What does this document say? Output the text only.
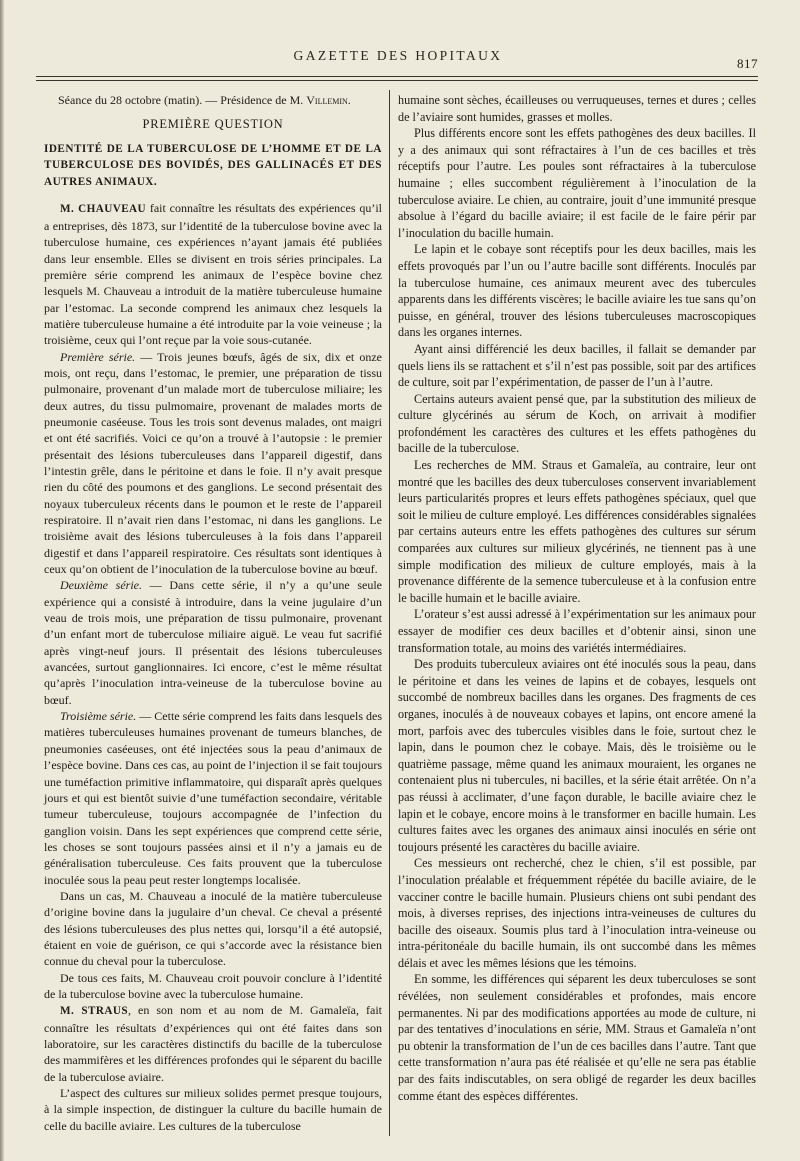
GAZETTE DES HOPITAUX
817

Séance du 28 octobre (matin). — Présidence de M. Villemin.

PREMIÈRE QUESTION

IDENTITÉ DE LA TUBERCULOSE DE L’HOMME ET DE LA TUBERCULOSE DES BOVIDÉS, DES GALLINACÉS ET DES AUTRES ANIMAUX.

M. CHAUVEAU fait connaître les résultats des expériences qu’il a entreprises, dès 1873, sur l’identité de la tuberculose bovine avec la tuberculose humaine, ces expériences n’ayant jamais été publiées dans leur ensemble. Elles se divisent en trois séries principales. La première série comprend les animaux de l’espèce bovine chez lesquels M. Chauveau a introduit de la matière tuberculeuse humaine par l’estomac. La seconde comprend les animaux chez lesquels la matière tuberculeuse humaine a été introduite par la voie veineuse ; la troisième, ceux qui l’ont reçue par la voie sous-cutanée.

Première série. — Trois jeunes bœufs, âgés de six, dix et onze mois, ont reçu, dans l’estomac, le premier, une préparation de tissu pulmonaire, provenant d’un malade mort de tuberculose miliaire; les deux autres, du tissu pulmomaire, provenant de malades morts de pneumonie caséeuse. Tous les trois sont devenus malades, ont maigri et ont été sacrifiés. Voici ce qu’on a trouvé à l’autopsie : le premier présentait des lésions tuberculeuses dans l’appareil digestif, dans l’intestin grêle, dans le péritoine et dans le foie. Il n’y avait presque rien du côté des poumons et des ganglions. Le second présentait des noyaux tuberculeux récents dans le poumon et le reste de l’appareil respiratoire. Il n’avait rien dans l’estomac, ni dans les ganglions. Le troisième avait des lésions tuberculeuses à la fois dans l’appareil digestif et dans l’appareil respiratoire. Ces résultats sont identiques à ceux qu’on obtient de l’inoculation de la tuberculose bovine au bœuf.

Deuxième série. — Dans cette série, il n’y a qu’une seule expérience qui a consisté à introduire, dans la veine jugulaire d’un veau de trois mois, une préparation de tissu pulmonaire, provenant d’un enfant mort de tuberculose miliaire aiguë. Le veau fut sacrifié après vingt-neuf jours. Il présentait des lésions tuberculeuses avancées, surtout ganglionnaires. Ici encore, c’est le même résultat qu’après l’inoculation intra-veineuse de la tuberculose bovine au bœuf.

Troisième série. — Cette série comprend les faits dans lesquels des matières tuberculeuses humaines provenant de tumeurs blanches, de pneumonies caséeuses, ont été injectées sous la peau d’animaux de l’espèce bovine. Dans ces cas, au point de l’injection il se fait toujours une tuméfaction primitive inflammatoire, qui disparaît après quelques jours et qui est bientôt suivie d’une tuméfaction secondaire, véritable tumeur tuberculeuse, toujours accompagnée de l’infection du ganglion voisin. Dans les sept expériences que comprend cette série, les choses se sont toujours passées ainsi et il n’y a jamais eu de généralisation tuberculeuse. Ces faits prouvent que la tuberculose inoculée sous la peau peut rester longtemps localisée.

Dans un cas, M. Chauveau a inoculé de la matière tuberculeuse d’origine bovine dans la jugulaire d’un cheval. Ce cheval a présenté des lésions tuberculeuses des plus nettes qui, lorsqu’il a été autopsié, étaient en voie de guérison, ce qui s’accorde avec la résistance bien connue du cheval pour la tuberculose.

De tous ces faits, M. Chauveau croit pouvoir conclure à l’identité de la tuberculose bovine avec la tuberculose humaine.

M. STRAUS, en son nom et au nom de M. Gamaleïa, fait connaître les résultats d’expériences qui ont été faites dans son laboratoire, sur les caractères distinctifs du bacille de la tuberculose des mammifères et les différences profondes qui le séparent du bacille de la tuberculose aviaire.

L’aspect des cultures sur milieux solides permet presque toujours, à la simple inspection, de distinguer la culture du bacille humain de celle du bacille aviaire. Les cultures de la tuberculose

humaine sont sèches, écailleuses ou verruqueuses, ternes et dures ; celles de l’aviaire sont humides, grasses et molles.

Plus différents encore sont les effets pathogènes des deux bacilles. Il y a des animaux qui sont réfractaires à l’un de ces bacilles et très réceptifs pour l’autre. Les poules sont réfractaires à la tuberculose humaine ; elles succombent régulièrement à l’inoculation de la tuberculose aviaire. Le chien, au contraire, jouit d’une immunité presque absolue à l’égard du bacille aviaire; il est facile de le faire périr par l’inoculation du bacille humain.

Le lapin et le cobaye sont réceptifs pour les deux bacilles, mais les effets provoqués par l’un ou l’autre bacille sont différents. Inoculés par la tuberculose humaine, ces animaux meurent avec des tubercules apparents dans les différents viscères; le bacille aviaire les tue sans qu’on puisse, en général, trouver des lésions tuberculeuses macroscopiques dans les organes internes.

Ayant ainsi différencié les deux bacilles, il fallait se demander par quels liens ils se rattachent et s’il n’est pas possible, soit par des artifices de culture, soit par l’expérimentation, de passer de l’un à l’autre.

Certains auteurs avaient pensé que, par la substitution des milieux de culture glycérinés au sérum de Koch, on arrivait à modifier profondément les caractères des cultures et les effets pathogènes du bacille de la tuberculose.

Les recherches de MM. Straus et Gamaleïa, au contraire, leur ont montré que les bacilles des deux tuberculoses conservent invariablement leurs particularités propres et leurs effets pathogènes spéciaux, quel que soit le milieu de culture employé. Les différences considérables signalées par certains auteurs entre les effets pathogènes des cultures sur sérum comparées aux cultures sur milieux glycérinés, ne tiennent pas à une simple modification des milieux de culture employés, mais à la provenance différente de la semence tuberculeuse et à la confusion entre le bacille humain et le bacille aviaire.

L’orateur s’est aussi adressé à l’expérimentation sur les animaux pour essayer de modifier ces deux bacilles et d’obtenir ainsi, sinon une transformation totale, au moins des variétés intermédiaires.

Des produits tuberculeux aviaires ont été inoculés sous la peau, dans le péritoine et dans les veines de lapins et de cobayes, lesquels ont succombé de nombreux bacilles dans les organes. Des fragments de ces organes, inoculés à de nouveaux cobayes et lapins, ont encore amené la mort, parfois avec des tubercules visibles dans le foie, surtout chez le lapin, dans le poumon chez le cobaye. Mais, dès le troisième ou le quatrième passage, même quand les animaux mouraient, les organes ne contenaient plus ni tubercules, ni bacilles, et la série était arrêtée. On n’a pas réussi à acclimater, d’une façon durable, le bacille aviaire chez le lapin et le cobaye, encore moins à le transformer en bacille humain. Les cultures faites avec les organes des animaux ainsi inoculés en série ont toujours présenté les caractères du bacille aviaire.

Ces messieurs ont recherché, chez le chien, s’il est possible, par l’inoculation préalable et fréquemment répétée du bacille aviaire, de le vacciner contre le bacille humain. Plusieurs chiens ont subi pendant des mois, à diverses reprises, des injections intra-veineuses de cultures du bacille des oiseaux. Soumis plus tard à l’inoculation intra-veineuse ou intra-péritonéale du bacille humain, ils ont succombé dans les mêmes délais et avec les mêmes lésions que les témoins.

En somme, les différences qui séparent les deux tuberculoses se sont révélées, non seulement considérables et profondes, mais encore permanentes. Ni par des modifications apportées au mode de culture, ni par des tentatives d’inoculations en série, MM. Straus et Gamaleïa n’ont pu obtenir la transformation de l’un de ces bacilles dans l’autre. Tant que cette transformation n’aura pas été réalisée et qu’elle ne sera pas établie par des faits indiscutables, on sera obligé de regarder les deux bacilles comme étant des espèces différentes.
